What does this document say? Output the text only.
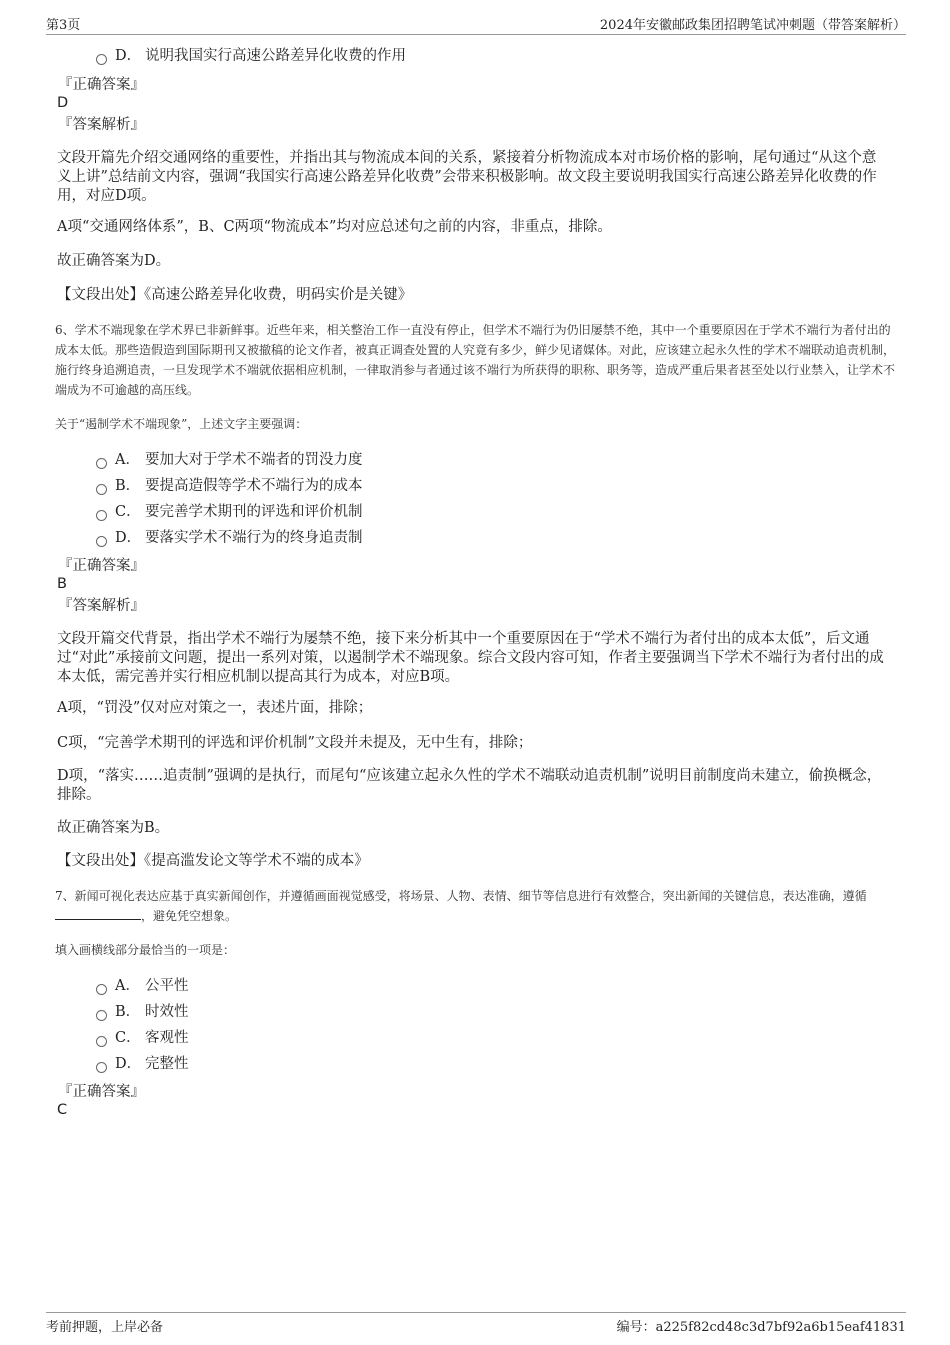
第3页	2024年安徽邮政集团招聘笔试冲刺题（带答案解析）
D． 说明我国实行高速公路差异化收费的作用
『正确答案』
D
『答案解析』
文段开篇先介绍交通网络的重要性，并指出其与物流成本间的关系，紧接着分析物流成本对市场价格的影响，尾句通过“从这个意义上讲”总结前文内容，强调“我国实行高速公路差异化收费”会带来积极影响。故文段主要说明我国实行高速公路差异化收费的作用，对应D项。
A项“交通网络体系”，B、C两项“物流成本”均对应总述句之前的内容，非重点，排除。
故正确答案为D。
【文段出处】《高速公路差异化收费，明码实价是关键》
6、学术不端现象在学术界已非新鲜事。近些年来，相关整治工作一直没有停止，但学术不端行为仍旧屡禁不绝，其中一个重要原因在于学术不端行为者付出的成本太低。那些造假造到国际期刊又被撤稿的论文作者，被真正调查处置的人究竟有多少，鲜少见诸媒体。对此，应该建立起永久性的学术不端联动追责机制，施行终身追溯追责，一旦发现学术不端就依据相应机制，一律取消参与者通过该不端行为所获得的职称、职务等，造成严重后果者甚至处以行业禁入，让学术不端成为不可逾越的高压线。
关于“遏制学术不端现象”，上述文字主要强调：
A． 要加大对于学术不端者的罚没力度
B． 要提高造假等学术不端行为的成本
C． 要完善学术期刊的评选和评价机制
D． 要落实学术不端行为的终身追责制
『正确答案』
B
『答案解析』
文段开篇交代背景，指出学术不端行为屡禁不绝，接下来分析其中一个重要原因在于“学术不端行为者付出的成本太低”，后文通过“对此”承接前文问题，提出一系列对策，以遏制学术不端现象。综合文段内容可知，作者主要强调当下学术不端行为者付出的成本太低，需完善并实行相应机制以提高其行为成本，对应B项。
A项，“罚没”仅对应对策之一，表述片面，排除；
C项，“完善学术期刊的评选和评价机制”文段并未提及，无中生有，排除；
D项，“落实……追责制”强调的是执行，而尾句“应该建立起永久性的学术不端联动追责机制”说明目前制度尚未建立，偷换概念，排除。
故正确答案为B。
【文段出处】《提高滥发论文等学术不端的成本》
7、新闻可视化表达应基于真实新闻创作，并遵循画面视觉感受，将场景、人物、表情、细节等信息进行有效整合，突出新闻的关键信息，表达准确，遵循，避免凭空想象。
填入画横线部分最恰当的一项是：
A． 公平性
B． 时效性
C． 客观性
D． 完整性
『正确答案』
C
考前押题，上岸必备	编号：a225f82cd48c3d7bf92a6b15eaf41831
